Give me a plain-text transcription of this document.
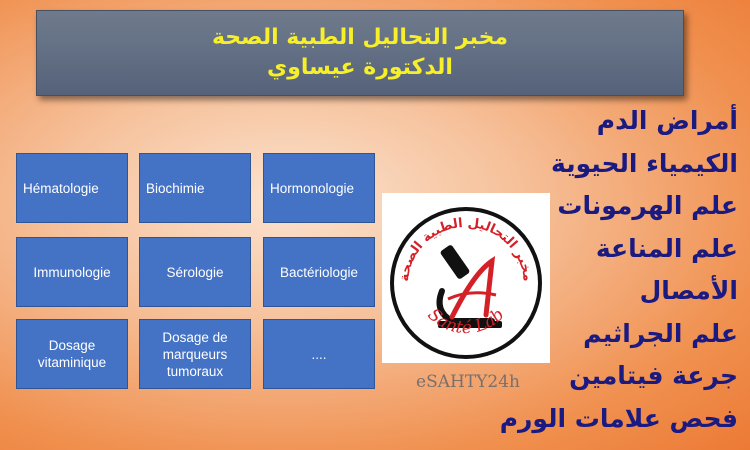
مخبر التحاليل الطبية الصحة
الدكتورة عيساوي
Hématologie	Biochimie	Hormonologie
Immunologie	Sérologie	Bactériologie
Dosage vitaminique
Dosage de marqueurs tumoraux
....
مخبر التحاليل الطبية الصحة
Santé Lab
eSAHTY24h
أمراض الدم
الكيمياء الحيوية
علم الهرمونات
علم المناعة
الأمصال
علم الجراثيم
جرعة فيتامين
فحص علامات الورم
